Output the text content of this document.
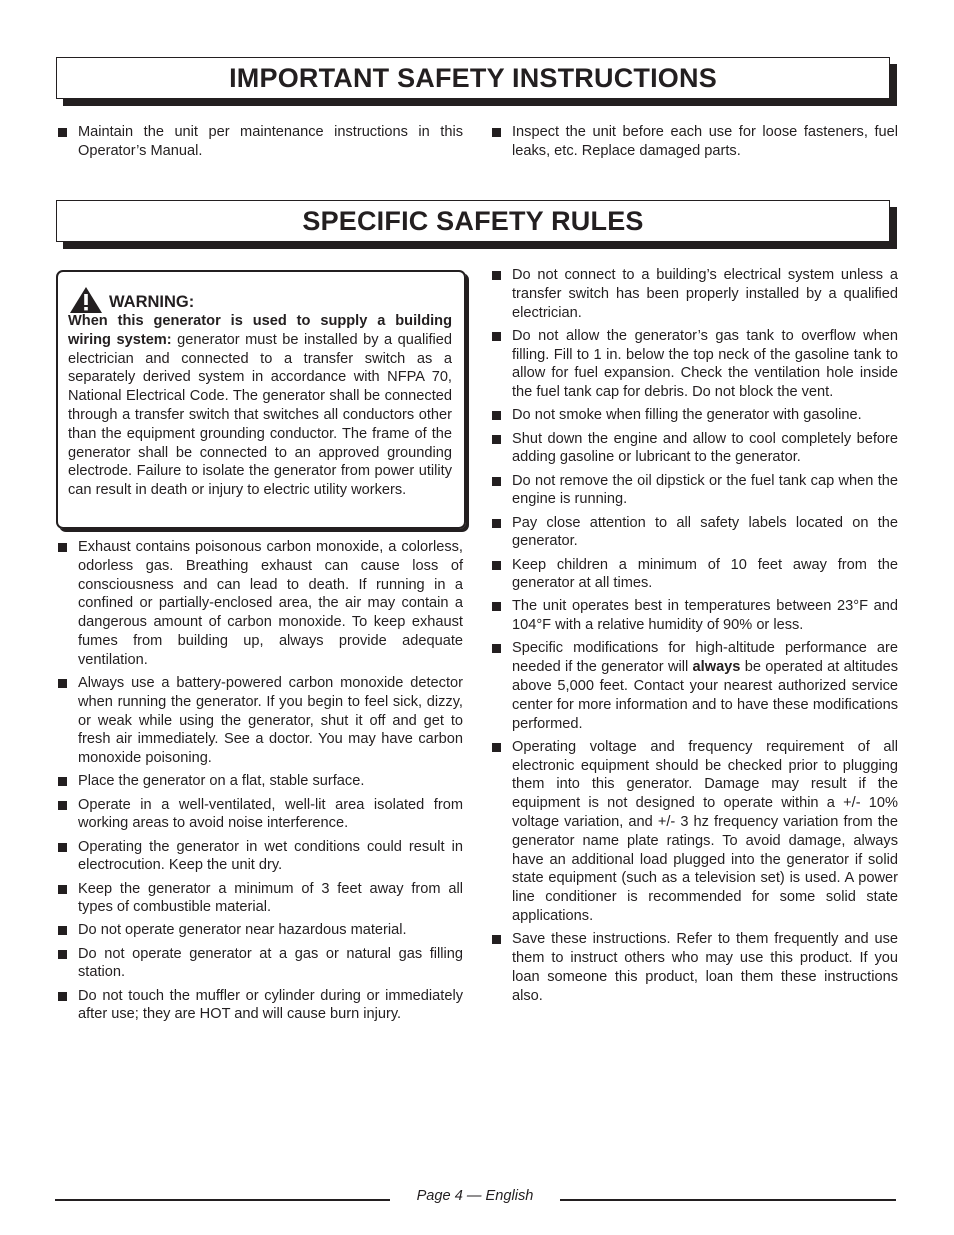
IMPORTANT SAFETY INSTRUCTIONS
Maintain the unit per maintenance instructions in this Operator’s Manual.
Inspect the unit before each use for loose fasteners, fuel leaks, etc. Replace damaged parts.
SPECIFIC SAFETY RULES
WARNING:

When this generator is used to supply a building wiring system: generator must be installed by a qualified electrician and connected to a transfer switch as a separately derived system in accordance with NFPA 70, National Electrical Code. The generator shall be connected through a transfer switch that switches all conductors other than the equipment grounding conductor. The frame of the generator shall be connected to an approved grounding electrode. Failure to isolate the generator from power utility can result in death or injury to electric utility workers.

Exhaust contains poisonous carbon monoxide, a colorless, odorless gas. Breathing exhaust can cause loss of consciousness and can lead to death. If running in a confined or partially-enclosed area, the air may contain a dangerous amount of carbon monoxide. To keep exhaust fumes from building up, always provide adequate ventilation.
Always use a battery-powered carbon monoxide detector when running the generator. If you begin to feel sick, dizzy, or weak while using the generator, shut it off and get to fresh air immediately. See a doctor. You may have carbon monoxide poisoning.
Place the generator on a flat, stable surface.
Operate in a well-ventilated, well-lit area isolated from working areas to avoid noise interference.
Operating the generator in wet conditions could result in electrocution. Keep the unit dry.
Keep the generator a minimum of 3 feet away from all types of combustible material.
Do not operate generator near hazardous material.
Do not operate generator at a gas or natural gas filling station.
Do not touch the muffler or cylinder during or immediately after use; they are HOT and will cause burn injury.
Do not connect to a building’s electrical system unless a transfer switch has been properly installed by a qualified electrician.
Do not allow the generator’s gas tank to overflow when filling. Fill to 1 in. below the top neck of the gasoline tank to allow for fuel expansion. Check the ventilation hole inside the fuel tank cap for debris. Do not block the vent.
Do not smoke when filling the generator with gasoline.
Shut down the engine and allow to cool completely before adding gasoline or lubricant to the generator.
Do not remove the oil dipstick or the fuel tank cap when the engine is running.
Pay close attention to all safety labels located on the generator.
Keep children a minimum of 10 feet away from the generator at all times.
The unit operates best in temperatures between 23°F and 104°F with a relative humidity of 90% or less.
Specific modifications for high-altitude performance are needed if the generator will always be operated at altitudes above 5,000 feet. Contact your nearest authorized service center for more information and to have these modifications performed.
Operating voltage and frequency requirement of all electronic equipment should be checked prior to plugging them into this generator. Damage may result if the equipment is not designed to operate within a +/- 10% voltage variation, and +/- 3 hz frequency variation from the generator name plate ratings. To avoid damage, always have an additional load plugged into the generator if solid state equipment (such as a television set) is used. A power line conditioner is recommended for some solid state applications.
Save these instructions. Refer to them frequently and use them to instruct others who may use this product. If you loan someone this product, loan them these instructions also.
Page 4 — English
